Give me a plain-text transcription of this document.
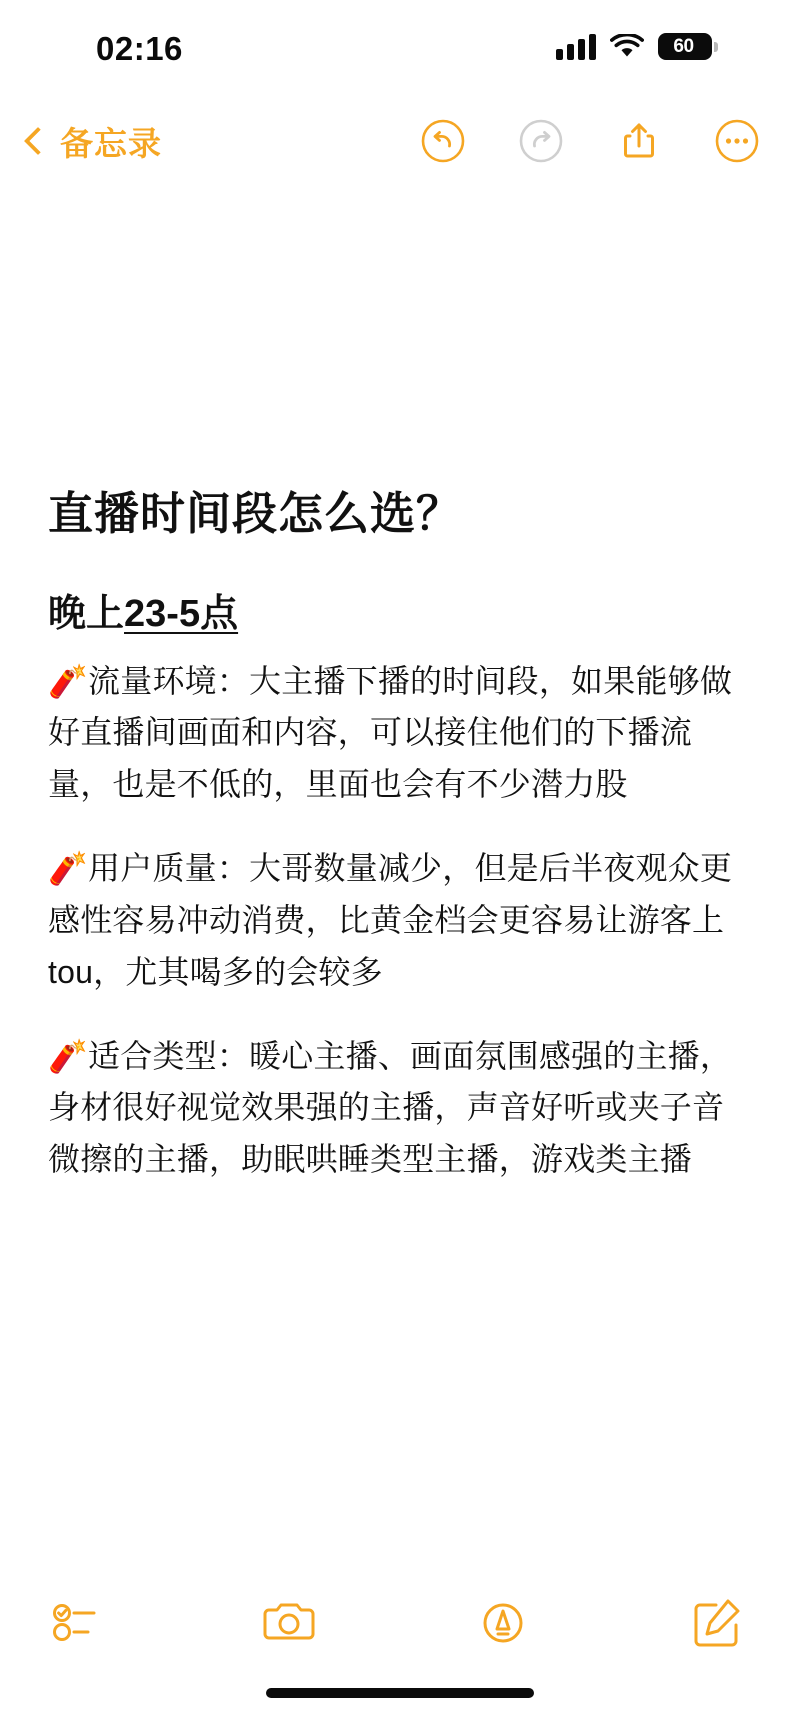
02:16	60
备忘录
直播时间段怎么选？
晚上23-5点

🧨流量环境：大主播下播的时间段，如果能够做好直播间画面和内容，可以接住他们的下播流量，也是不低的，里面也会有不少潜力股

🧨用户质量：大哥数量减少，但是后半夜观众更感性容易冲动消费，比黄金档会更容易让游客上tou，尤其喝多的会较多

🧨适合类型：暖心主播、画面氛围感强的主播，身材很好视觉效果强的主播，声音好听或夹子音微擦的主播，助眠哄睡类型主播，游戏类主播
